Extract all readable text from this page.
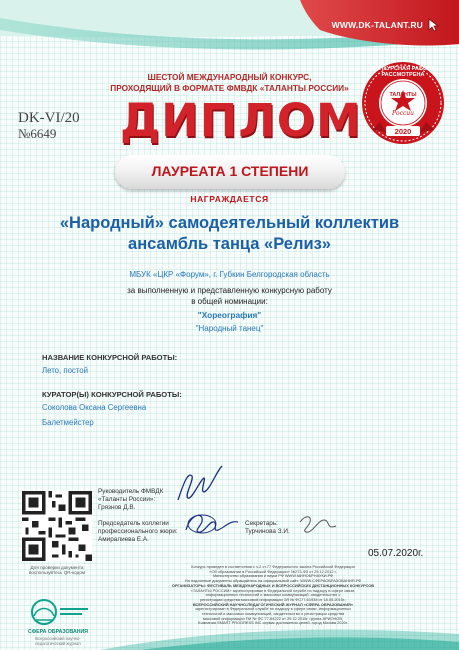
WWW.DK-TALANT.RU
ШЕСТОЙ МЕЖДУНАРОДНЫЙ КОНКУРС,
ПРОХОДЯЩИЙ В ФОРМАТЕ ФМВДК «ТАЛАНТЫ РОССИИ»
DK-VI/20
№6649 ДИПЛОМ
КОНКУРСНАЯ РАБОТА РАССМОТРЕНА
ТАЛАНТЫ
России
2020
ЛАУРЕАТА 1 СТЕПЕНИ
НАГРАЖДАЕТСЯ
«Народный» самодеятельный коллектив
ансамбль танца «Релиз»
МБУК «ЦКР «Форум», г. Губкин Белгородская область
за выполненную и представленную конкурсную работу
в общей номинации:
"Хореография"
"Народный танец"
НАЗВАНИЕ КОНКУРСНОЙ РАБОТЫ:
Лето, постой
КУРАТОР(Ы) КОНКУРСНОЙ РАБОТЫ:
Соколова Оксана Сергеевна
Балетмейстер
Для проверки документа
воспользуйтесь QR-кодом
Руководитель ФМВДК
«Таланты России»:
Грязнов Д.В.
Председатель коллегии
профессионального жюри:
Амиралиева Е.А.
Секретарь:
Турчинова З.И.
05.07.2020г.
Конкурс проведен в соответствии с ч.2 ст.77 Федерального закона Российской Федерации
«Об образовании в Российской Федерации» №273-ФЗ от 29.12.2012 г.
Министерство образования и науки РФ WWW.МИНОБРНАУКИ.РФ
На подлинные документы обращайтесь на официальный сайт: WWW.СФЕРАОБРАЗОВАНИЯ.РФ
ОРГАНИЗАТОРЫ: ФЕСТИВАЛЬ МЕЖДУНАРОДНЫХ И ВСЕРОССИЙСКИХ ДИСТАНЦИОННЫХ КОНКУРСОВ
«ТАЛАНТЫ РОССИИ» зарегистрирован в Федеральной службе по надзору в сфере связи,
информационных технологий и массовых коммуникаций, свидетельство о
регистрации средства массовой информации ЭЛ № ФС77-61938 от 18.05.2015г.;
ВСЕРОССИЙСКИЙ НАУЧНО-ПЕДАГОГИЧЕСКИЙ ЖУРНАЛ «СФЕРА ОБРАЗОВАНИЯ»
зарегистрирован в Федеральной службе по надзору в сфере связи, информационных
технологий и массовых коммуникаций, свидетельство о регистрации средства
массовой информации ПИ № ФС 77-64222 от 29.12.2015г. группа АРИОНОВ,
Компания SMART PROGRESS INC сервис достижения целей, город Москва 2020г.
СФЕРА ОБРАЗОВАНИЯ
Всероссийский научно-педагогический журнал
